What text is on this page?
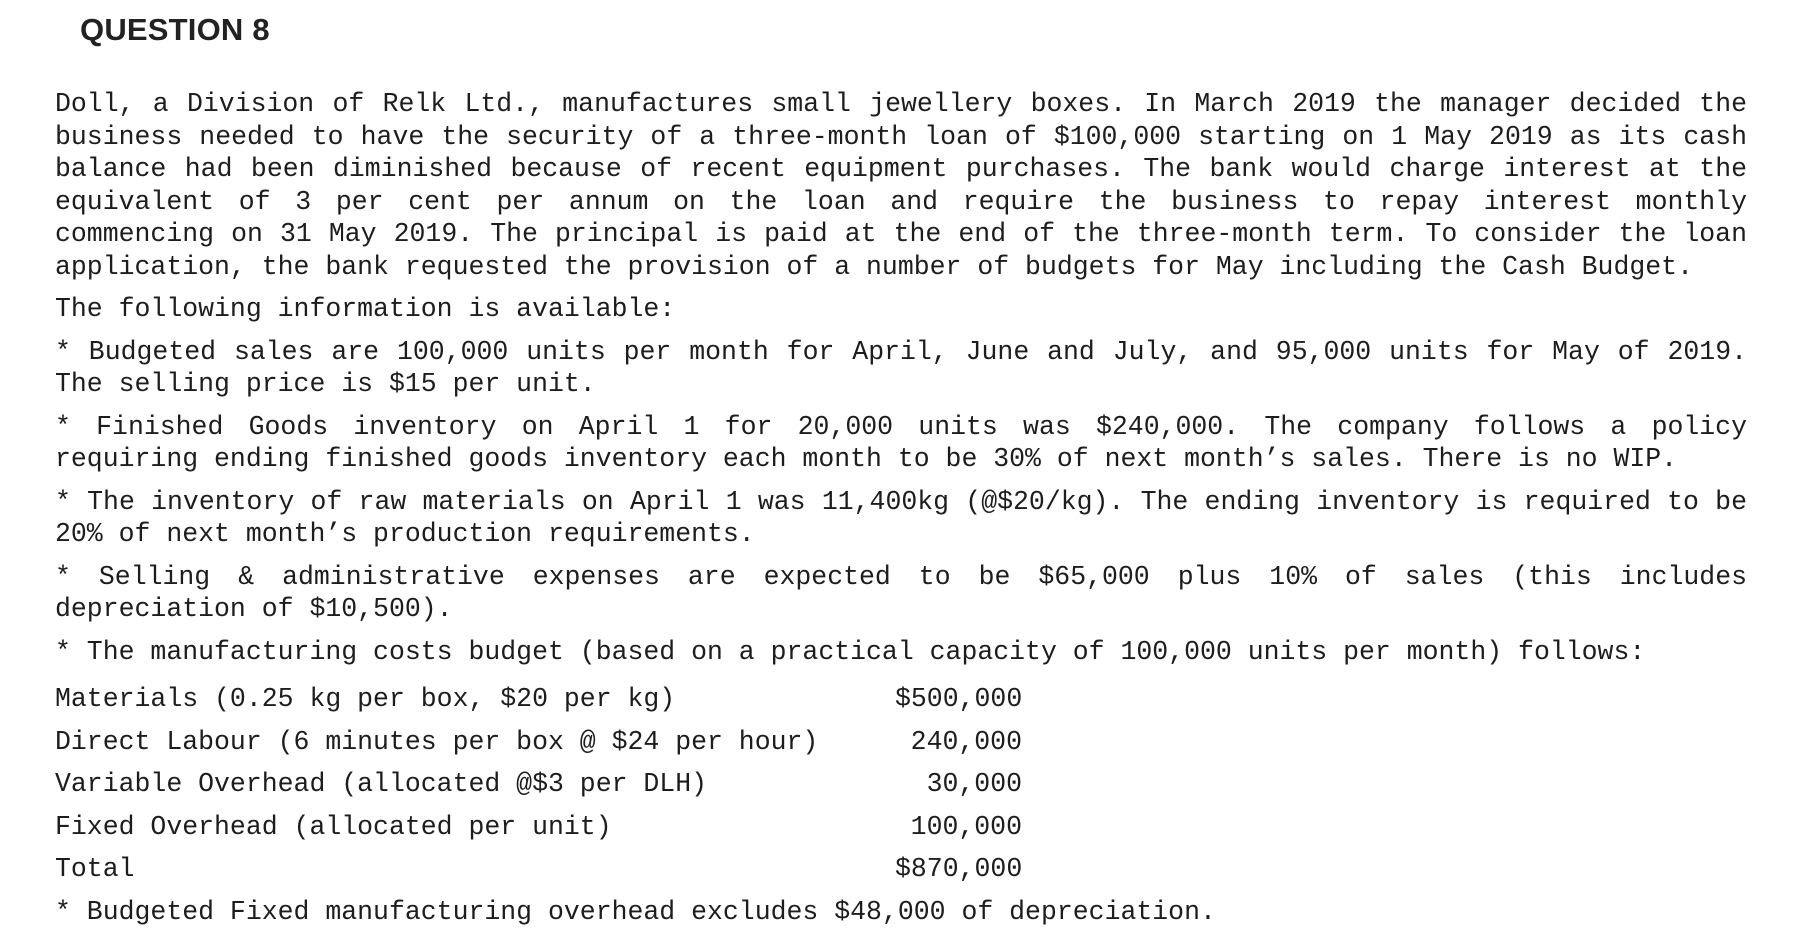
QUESTION 8

Doll, a Division of Relk Ltd., manufactures small jewellery boxes. In March 2019 the manager decided the business needed to have the security of a three-month loan of $100,000 starting on 1 May 2019 as its cash balance had been diminished because of recent equipment purchases. The bank would charge interest at the equivalent of 3 per cent per annum on the loan and require the business to repay interest monthly commencing on 31 May 2019. The principal is paid at the end of the three-month term. To consider the loan application, the bank requested the provision of a number of budgets for May including the Cash Budget.

The following information is available:

* Budgeted sales are 100,000 units per month for April, June and July, and 95,000 units for May of 2019. The selling price is $15 per unit.

* Finished Goods inventory on April 1 for 20,000 units was $240,000. The company follows a policy requiring ending finished goods inventory each month to be 30% of next month’s sales. There is no WIP.

* The inventory of raw materials on April 1 was 11,400kg (@$20/kg). The ending inventory is required to be 20% of next month’s production requirements.

* Selling & administrative expenses are expected to be $65,000 plus 10% of sales (this includes depreciation of $10,500).

* The manufacturing costs budget (based on a practical capacity of 100,000 units per month) follows:

Materials (0.25 kg per box, $20 per kg)	$500,000
Direct Labour (6 minutes per box @ $24 per hour)	240,000
Variable Overhead (allocated @$3 per DLH)	30,000
Fixed Overhead (allocated per unit)	100,000
Total	$870,000
* Budgeted Fixed manufacturing overhead excludes $48,000 of depreciation.
